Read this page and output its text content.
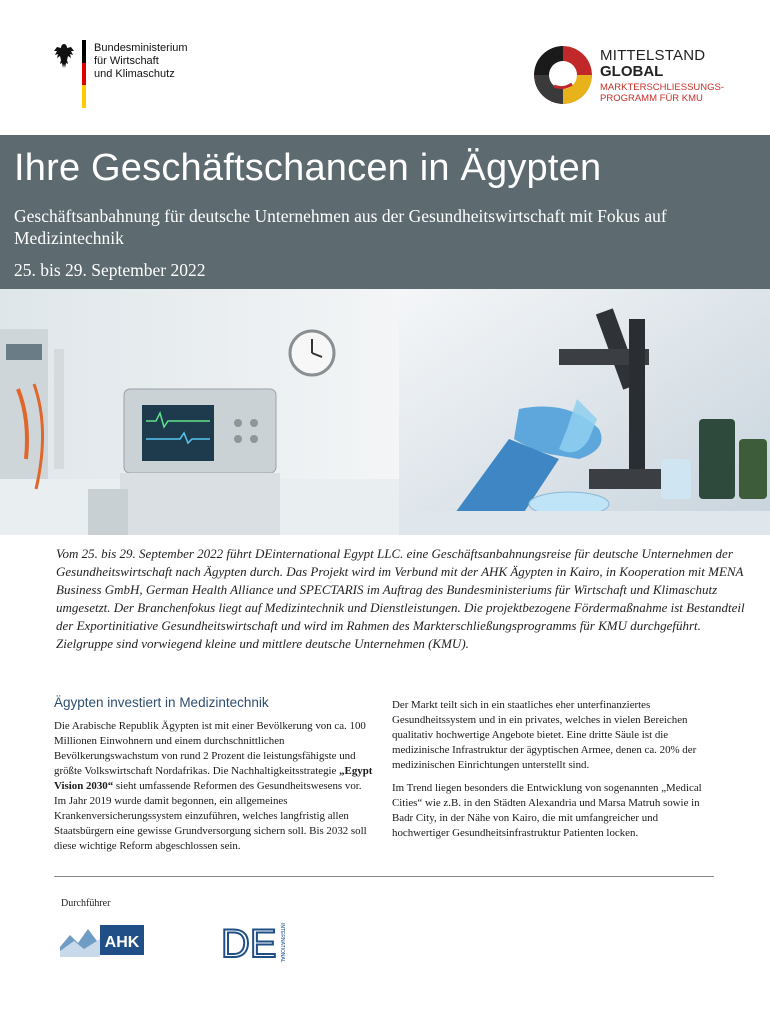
Bundesministerium
für Wirtschaft
und Klimaschutz
MITTELSTAND
GLOBAL
MARKTERSCHLIESSUNGS-
PROGRAMM FÜR KMU
Ihre Geschäftschancen in Ägypten
Geschäftsanbahnung für deutsche Unternehmen aus der Gesundheitswirtschaft mit Fokus auf Medizintechnik
25. bis 29. September 2022
Vom 25. bis 29. September 2022 führt DEinternational Egypt LLC. eine Geschäftsanbahnungsreise für deutsche Unternehmen der Gesundheitswirtschaft nach Ägypten durch. Das Projekt wird im Verbund mit der AHK Ägypten in Kairo, in Kooperation mit MENA Business GmbH, German Health Alliance und SPECTARIS im Auftrag des Bundesministeriums für Wirtschaft und Klimaschutz umgesetzt. Der Branchenfokus liegt auf Medizintechnik und Dienstleistungen. Die projektbezogene Fördermaßnahme ist Bestandteil der Exportinitiative Gesundheitswirtschaft und wird im Rahmen des Markterschließungsprogramms für KMU durchgeführt. Zielgruppe sind vorwiegend kleine und mittlere deutsche Unternehmen (KMU).
Ägypten investiert in Medizintechnik

Die Arabische Republik Ägypten ist mit einer Bevölkerung von ca. 100 Millionen Einwohnern und einem durchschnittlichen Bevölkerungswachstum von rund 2 Prozent die leistungsfähigste und größte Volkswirtschaft Nordafrikas. Die Nachhaltigkeitsstrategie „Egypt Vision 2030“ sieht umfassende Reformen des Gesundheitswesens vor. Im Jahr 2019 wurde damit begonnen, ein allgemeines Krankenversicherungssystem einzuführen, welches langfristig allen Staatsbürgern eine gewisse Grundversorgung sichern soll. Bis 2032 soll diese wichtige Reform abgeschlossen sein.

Der Markt teilt sich in ein staatliches eher unterfinanziertes Gesundheitssystem und in ein privates, welches in vielen Bereichen qualitativ hochwertige Angebote bietet. Eine dritte Säule ist die medizinische Infrastruktur der ägyptischen Armee, denen ca. 20% der medizinischen Einrichtungen unterstellt sind.

Im Trend liegen besonders die Entwicklung von sogenannten „Medical Cities“ wie z.B. in den Städten Alexandria und Marsa Matruh sowie in Badr City, in der Nähe von Kairo, die mit umfangreicher und hochwertiger Gesundheitsinfrastruktur Patienten locken.

Durchführer
AHK DE INTERNATIONAL
